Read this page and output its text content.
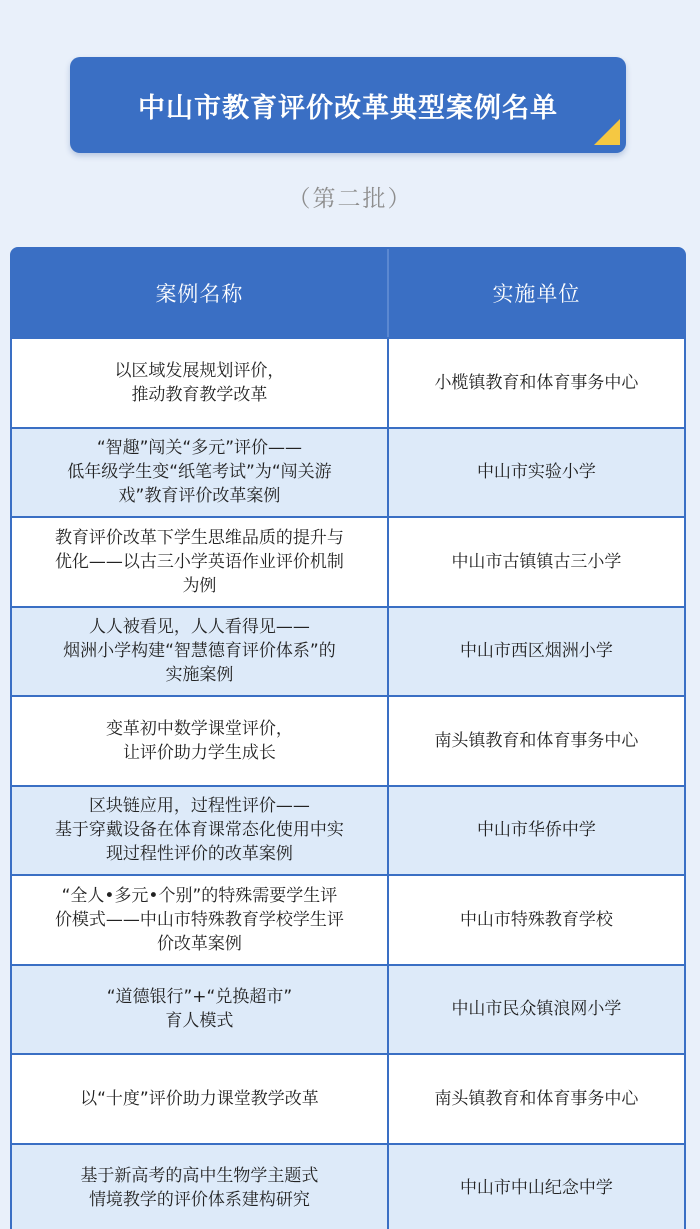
中山市教育评价改革典型案例名单
（第二批）
案例名称	实施单位
以区域发展规划评价，
推动教育教学改革
小榄镇教育和体育事务中心
“智趣”闯关“多元”评价——
低年级学生变“纸笔考试”为“闯关游
戏”教育评价改革案例
中山市实验小学
教育评价改革下学生思维品质的提升与
优化——以古三小学英语作业评价机制
为例
中山市古镇镇古三小学
人人被看见，人人看得见——
烟洲小学构建“智慧德育评价体系”的
实施案例
中山市西区烟洲小学
变革初中数学课堂评价，
让评价助力学生成长
南头镇教育和体育事务中心
区块链应用，过程性评价——
基于穿戴设备在体育课常态化使用中实
现过程性评价的改革案例
中山市华侨中学
“全人•多元•个别”的特殊需要学生评
价模式——中山市特殊教育学校学生评
价改革案例
中山市特殊教育学校
“道德银行”+“兑换超市”
育人模式
中山市民众镇浪网小学
以“十度”评价助力课堂教学改革	南头镇教育和体育事务中心
基于新高考的高中生物学主题式
情境教学的评价体系建构研究
中山市中山纪念中学
